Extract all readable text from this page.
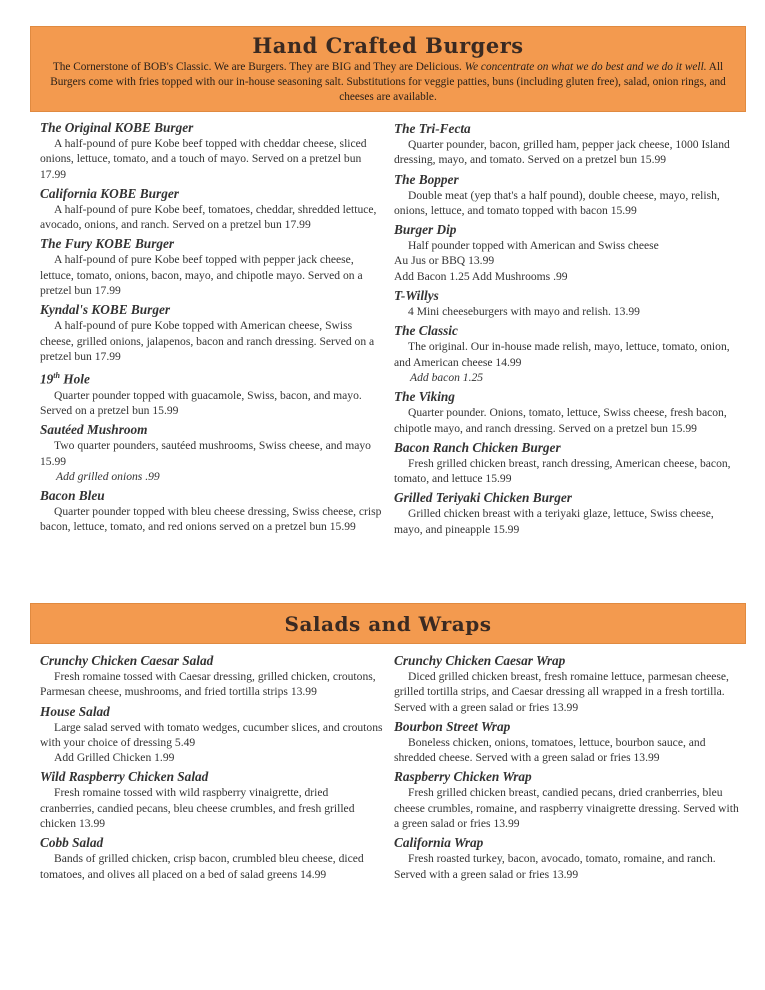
Hand Crafted Burgers
The Cornerstone of BOB's Classic. We are Burgers. They are BIG and They are Delicious. We concentrate on what we do best and we do it well. All Burgers come with fries topped with our in-house seasoning salt. Substitutions for veggie patties, buns (including gluten free), salad, onion rings, and cheeses are available.
The Original KOBE Burger
A half-pound of pure Kobe beef topped with cheddar cheese, sliced onions, lettuce, tomato, and a touch of mayo. Served on a pretzel bun 17.99
California KOBE Burger
A half-pound of pure Kobe beef, tomatoes, cheddar, shredded lettuce, avocado, onions, and ranch. Served on a pretzel bun 17.99
The Fury KOBE Burger
A half-pound of pure Kobe beef topped with pepper jack cheese, lettuce, tomato, onions, bacon, mayo, and chipotle mayo. Served on a pretzel bun 17.99
Kyndal's KOBE Burger
A half-pound of pure Kobe topped with American cheese, Swiss cheese, grilled onions, jalapenos, bacon and ranch dressing. Served on a pretzel bun 17.99
19th Hole
Quarter pounder topped with guacamole, Swiss, bacon, and mayo. Served on a pretzel bun 15.99
Sautéed Mushroom
Two quarter pounders, sautéed mushrooms, Swiss cheese, and mayo 15.99
Add grilled onions .99
Bacon Bleu
Quarter pounder topped with bleu cheese dressing, Swiss cheese, crisp bacon, lettuce, tomato, and red onions served on a pretzel bun 15.99
The Tri-Fecta
Quarter pounder, bacon, grilled ham, pepper jack cheese, 1000 Island dressing, mayo, and tomato. Served on a pretzel bun 15.99
The Bopper
Double meat (yep that's a half pound), double cheese, mayo, relish, onions, lettuce, and tomato topped with bacon 15.99
Burger Dip
Half pounder topped with American and Swiss cheese
Au Jus or BBQ 13.99
Add Bacon 1.25 Add Mushrooms .99
T-Willys
4 Mini cheeseburgers with mayo and relish. 13.99
The Classic
The original. Our in-house made relish, mayo, lettuce, tomato, onion, and American cheese 14.99
Add bacon 1.25
The Viking
Quarter pounder. Onions, tomato, lettuce, Swiss cheese, fresh bacon, chipotle mayo, and ranch dressing. Served on a pretzel bun 15.99
Bacon Ranch Chicken Burger
Fresh grilled chicken breast, ranch dressing, American cheese, bacon, tomato, and lettuce 15.99
Grilled Teriyaki Chicken Burger
Grilled chicken breast with a teriyaki glaze, lettuce, Swiss cheese, mayo, and pineapple 15.99
Salads and Wraps
Crunchy Chicken Caesar Salad
Fresh romaine tossed with Caesar dressing, grilled chicken, croutons, Parmesan cheese, mushrooms, and fried tortilla strips 13.99
House Salad
Large salad served with tomato wedges, cucumber slices, and croutons with your choice of dressing 5.49
Add Grilled Chicken 1.99
Wild Raspberry Chicken Salad
Fresh romaine tossed with wild raspberry vinaigrette, dried cranberries, candied pecans, bleu cheese crumbles, and fresh grilled chicken 13.99
Cobb Salad
Bands of grilled chicken, crisp bacon, crumbled bleu cheese, diced tomatoes, and olives all placed on a bed of salad greens 14.99
Crunchy Chicken Caesar Wrap
Diced grilled chicken breast, fresh romaine lettuce, parmesan cheese, grilled tortilla strips, and Caesar dressing all wrapped in a fresh tortilla. Served with a green salad or fries 13.99
Bourbon Street Wrap
Boneless chicken, onions, tomatoes, lettuce, bourbon sauce, and shredded cheese. Served with a green salad or fries 13.99
Raspberry Chicken Wrap
Fresh grilled chicken breast, candied pecans, dried cranberries, bleu cheese crumbles, romaine, and raspberry vinaigrette dressing. Served with a green salad or fries 13.99
California Wrap
Fresh roasted turkey, bacon, avocado, tomato, romaine, and ranch. Served with a green salad or fries 13.99
